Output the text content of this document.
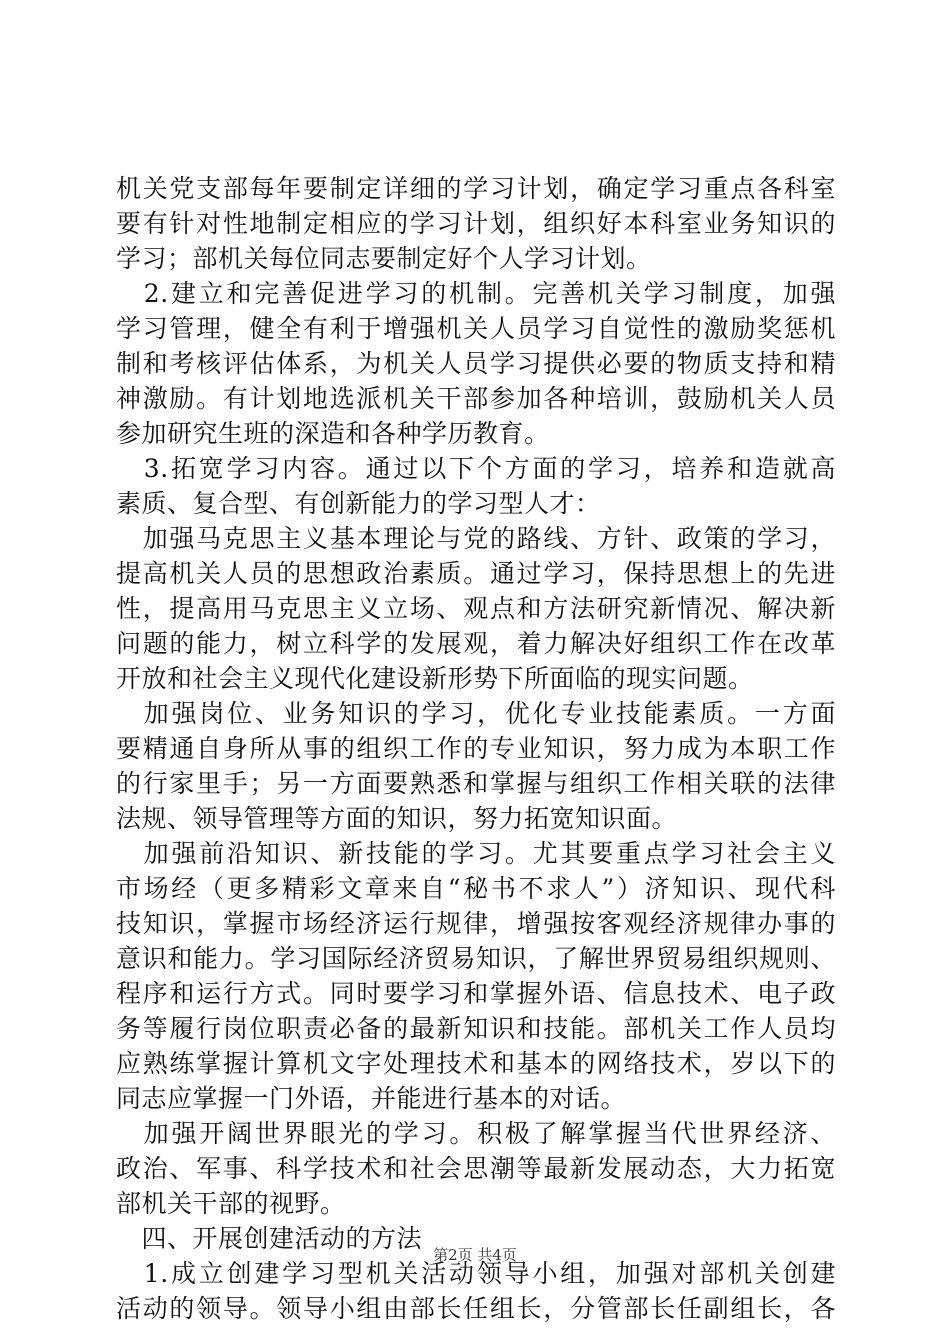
机关党支部每年要制定详细的学习计划，确定学习重点各科室
要有针对性地制定相应的学习计划，组织好本科室业务知识的
学习；部机关每位同志要制定好个人学习计划。
　2.建立和完善促进学习的机制。完善机关学习制度，加强
学习管理，健全有利于增强机关人员学习自觉性的激励奖惩机
制和考核评估体系，为机关人员学习提供必要的物质支持和精
神激励。有计划地选派机关干部参加各种培训，鼓励机关人员
参加研究生班的深造和各种学历教育。
　3.拓宽学习内容。通过以下个方面的学习，培养和造就高
素质、复合型、有创新能力的学习型人才：
　加强马克思主义基本理论与党的路线、方针、政策的学习，
提高机关人员的思想政治素质。通过学习，保持思想上的先进
性，提高用马克思主义立场、观点和方法研究新情况、解决新
问题的能力，树立科学的发展观，着力解决好组织工作在改革
开放和社会主义现代化建设新形势下所面临的现实问题。
　加强岗位、业务知识的学习，优化专业技能素质。一方面
要精通自身所从事的组织工作的专业知识，努力成为本职工作
的行家里手；另一方面要熟悉和掌握与组织工作相关联的法律
法规、领导管理等方面的知识，努力拓宽知识面。
　加强前沿知识、新技能的学习。尤其要重点学习社会主义
市场经（更多精彩文章来自“秘书不求人”）济知识、现代科
技知识，掌握市场经济运行规律，增强按客观经济规律办事的
意识和能力。学习国际经济贸易知识，了解世界贸易组织规则、
程序和运行方式。同时要学习和掌握外语、信息技术、电子政
务等履行岗位职责必备的最新知识和技能。部机关工作人员均
应熟练掌握计算机文字处理技术和基本的网络技术，岁以下的
同志应掌握一门外语，并能进行基本的对话。
　加强开阔世界眼光的学习。积极了解掌握当代世界经济、
政治、军事、科学技术和社会思潮等最新发展动态，大力拓宽
部机关干部的视野。
　四、开展创建活动的方法
　1.成立创建学习型机关活动领导小组，加强对部机关创建
活动的领导。领导小组由部长任组长，分管部长任副组长，各
第2页 共4页
